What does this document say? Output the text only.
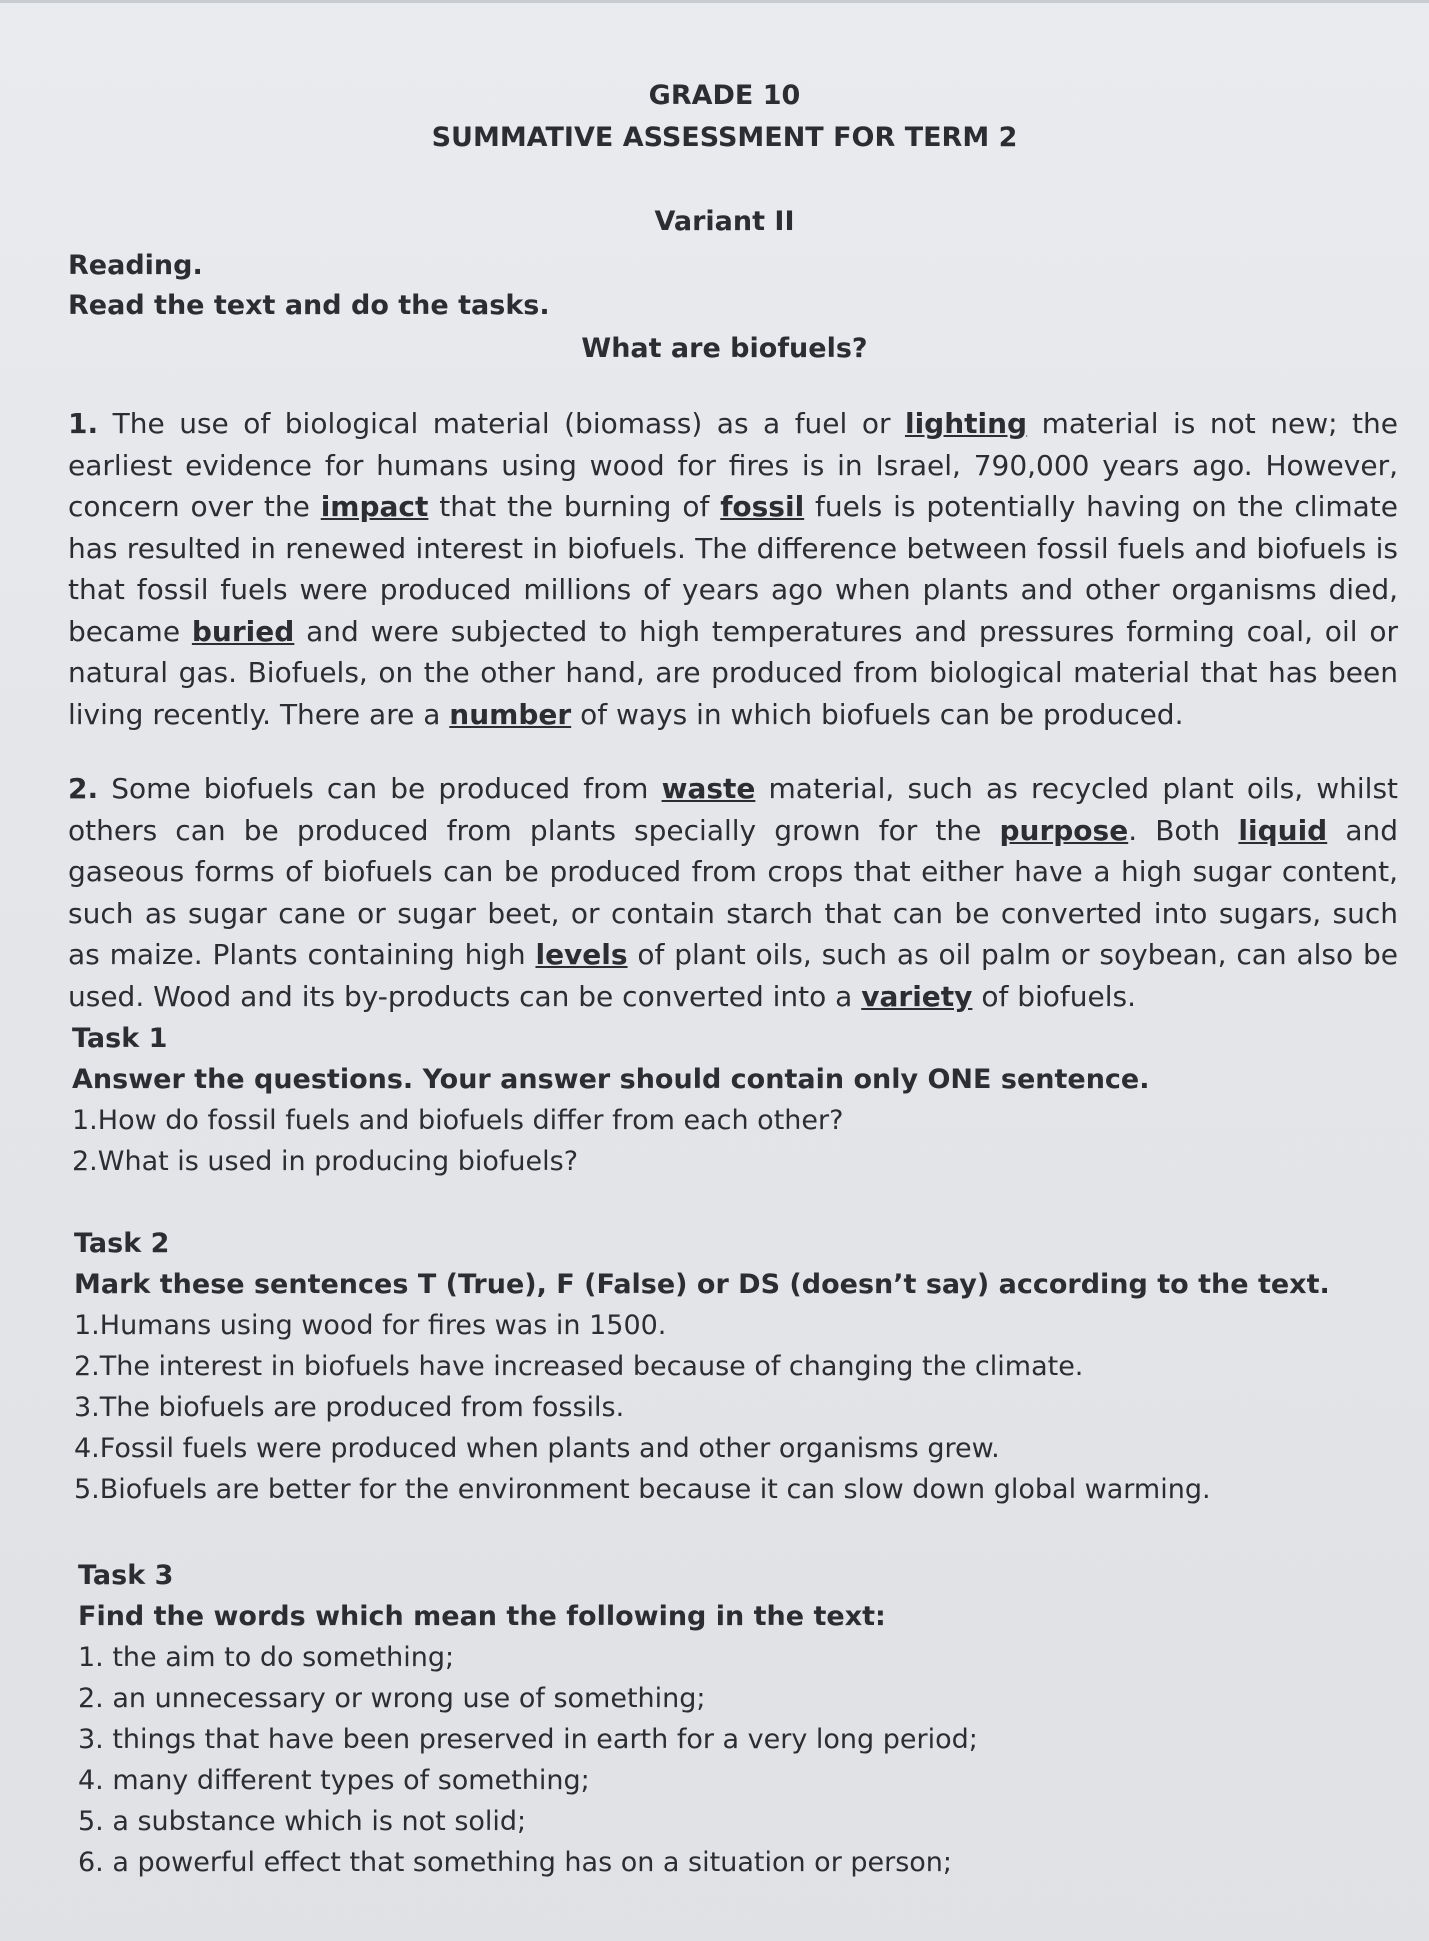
GRADE 10
SUMMATIVE ASSESSMENT FOR TERM 2
Variant II
Reading.
Read the text and do the tasks.
What are biofuels?
1. The use of biological material (biomass) as a fuel or lighting material is not new; the earliest evidence for humans using wood for fires is in Israel, 790,000 years ago. However, concern over the impact that the burning of fossil fuels is potentially having on the climate has resulted in renewed interest in biofuels. The difference between fossil fuels and biofuels is that fossil fuels were produced millions of years ago when plants and other organisms died, became buried and were subjected to high temperatures and pressures forming coal, oil or natural gas. Biofuels, on the other hand, are produced from biological material that has been living recently. There are a number of ways in which biofuels can be produced.
2. Some biofuels can be produced from waste material, such as recycled plant oils, whilst others can be produced from plants specially grown for the purpose. Both liquid and gaseous forms of biofuels can be produced from crops that either have a high sugar content, such as sugar cane or sugar beet, or contain starch that can be converted into sugars, such as maize. Plants containing high levels of plant oils, such as oil palm or soybean, can also be used. Wood and its by-products can be converted into a variety of biofuels.
Task 1
Answer the questions. Your answer should contain only ONE sentence.
1.How do fossil fuels and biofuels differ from each other?
2.What is used in producing biofuels?
Task 2
Mark these sentences T (True), F (False) or DS (doesn’t say) according to the text.
1.Humans using wood for fires was in 1500.
2.The interest in biofuels have increased because of changing the climate.
3.The biofuels are produced from fossils.
4.Fossil fuels were produced when plants and other organisms grew.
5.Biofuels are better for the environment because it can slow down global warming.
Task 3
Find the words which mean the following in the text:
1. the aim to do something;
2. an unnecessary or wrong use of something;
3. things that have been preserved in earth for a very long period;
4. many different types of something;
5. a substance which is not solid;
6. a powerful effect that something has on a situation or person;
